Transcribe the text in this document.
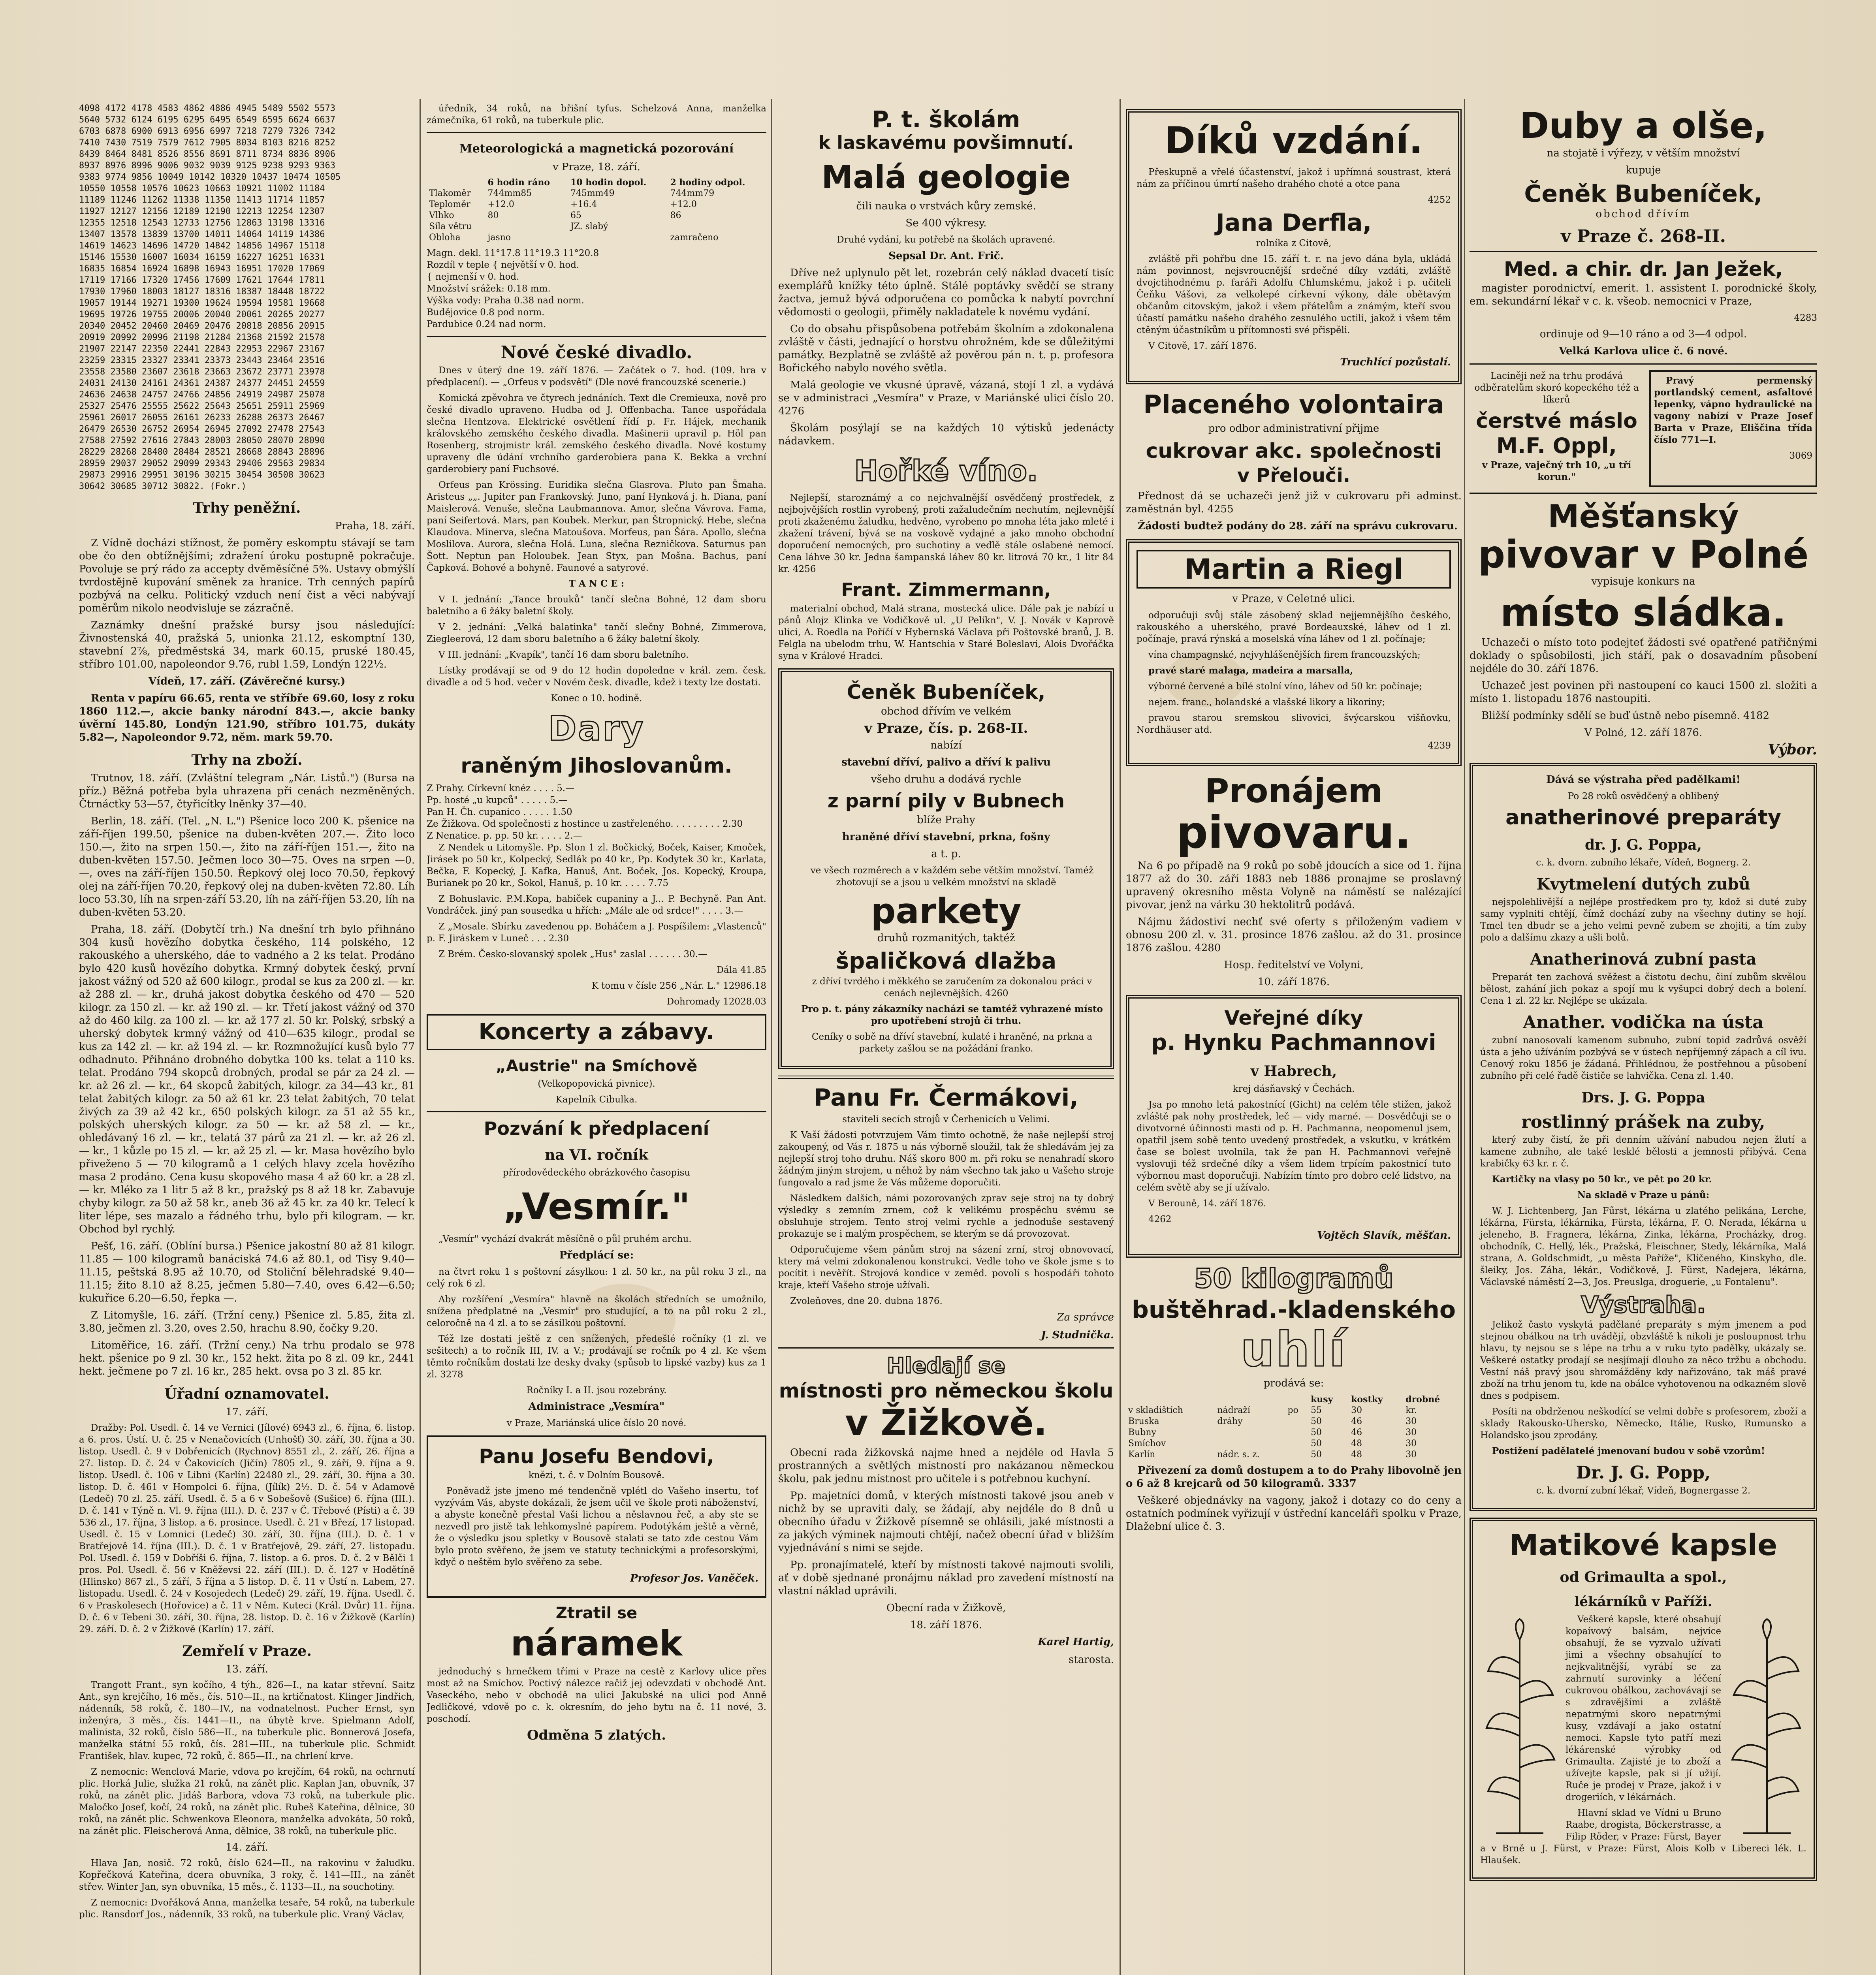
4098 4172 4178 4583 4862 4886 4945 5489 5502 5573
5640 5732 6124 6195 6295 6495 6549 6595 6624 6637
6703 6878 6900 6913 6956 6997 7218 7279 7326 7342
7410 7430 7519 7579 7612 7905 8034 8103 8216 8252
8439 8464 8481 8526 8556 8691 8711 8734 8836 8906
8937 8976 8996 9006 9032 9039 9125 9238 9293 9363
9383 9774 9856 10049 10142 10320 10437 10474 10505
10550 10558 10576 10623 10663 10921 11002 11184
11189 11246 11262 11338 11350 11413 11714 11857
11927 12127 12156 12189 12190 12213 12254 12307
12355 12518 12543 12733 12756 12863 13198 13316
13407 13578 13839 13700 14011 14064 14119 14386
14619 14623 14696 14720 14842 14856 14967 15118
15146 15530 16007 16034 16159 16227 16251 16331
16835 16854 16924 16898 16943 16951 17020 17069
17119 17166 17320 17456 17609 17621 17644 17811
17930 17960 18003 18127 18316 18387 18448 18722
19057 19144 19271 19300 19624 19594 19581 19668
19695 19726 19755 20006 20040 20061 20265 20277
20340 20452 20460 20469 20476 20818 20856 20915
20919 20992 20996 21198 21284 21368 21592 21578
21907 22147 22350 22441 22843 22953 22967 23167
23259 23315 23327 23341 23373 23443 23464 23516
23558 23580 23607 23618 23663 23672 23771 23978
24031 24130 24161 24361 24387 24377 24451 24559
24636 24638 24757 24766 24856 24919 24987 25078
25327 25476 25555 25622 25643 25651 25911 25969
25961 26017 26055 26161 26233 26288 26373 26467
26479 26530 26752 26954 26945 27092 27478 27543
27588 27592 27616 27843 28003 28050 28070 28090
28229 28268 28480 28484 28521 28668 28843 28896
28959 29037 29052 29099 29343 29406 29563 29834
29873 29916 29951 30196 30215 30454 30508 30623
30642 30685 30712 30822. (Fokr.)
Trhy peněžní.

Praha, 18. září.

Z Vídně docházi stížnost, že poměry eskomptu stávají se tam obe čo den obtížnějšími; zdražení úroku postupně pokračuje. Povoluje se prý rádo za accepty dvěměsíčné 5%. Ustavy obmýšlí tvrdostějně kupování směnek za hranice. Trh cenných papírů pozbývá na celku. Politický vzduch není čist a věci nabývají poměrům nikolo neodvisluje se zázračně.

Zaznámky dnešní pražské bursy jsou následující: Živnostenská 40, pražská 5, unionka 21.12, eskomptní 130, stavební 2⅞, předměstská 34, mark 60.15, pruské 180.45, stříbro 101.00, napoleondor 9.76, rubl 1.59, Londýn 122½.

Vídeň, 17. září. (Závěrečné kursy.)

Renta v papíru 66.65, renta ve stříbře 69.60, losy z roku 1860 112.—, akcie banky národní 843.—, akcie banky úvěrní 145.80, Londýn 121.90, stříbro 101.75, dukáty 5.82—, Napoleondor 9.72, něm. mark 59.70.

Trhy na zboží.

Trutnov, 18. září. (Zvláštní telegram „Nár. Listů.") (Bursa na příz.) Běžná potřeba byla uhrazena při cenách nezměněných. Čtrnáctky 53—57, čtyřicítky lněnky 37—40.

Berlin, 18. září. (Tel. „N. L.") Pšenice loco 200 K. pšenice na září-říjen 199.50, pšenice na duben-květen 207.—. Žito loco 150.—, žito na srpen 150.—, žito na září-říjen 151.—, žito na duben-květen 157.50. Ječmen loco 30—75. Oves na srpen —0.—, oves na září-říjen 150.50. Řepkový olej loco 70.50, řepkový olej na září-říjen 70.20, řepkový olej na duben-květen 72.80. Líh loco 53.30, líh na srpen-září 53.20, líh na září-říjen 53.20, líh na duben-květen 53.20.

Praha, 18. září. (Dobytčí trh.) Na dnešní trh bylo přihnáno 304 kusů hovězího dobytka českého, 114 polského, 12 rakouského a uherského, dáe to vadného a 2 ks telat. Prodáno bylo 420 kusů hovězího dobytka. Krmný dobytek český, první jakost vážný od 520 až 600 kilogr., prodal se kus za 200 zl. — kr. až 288 zl. — kr., druhá jakost dobytka českého od 470 — 520 kilogr. za 150 zl. — kr. až 190 zl. — kr. Třetí jakost vážný od 370 až do 460 kilg. za 100 zl. — kr. až 177 zl. 50 kr. Polský, srbský a uherský dobytek krmný vážný od 410—635 kilogr., prodal se kus za 142 zl. — kr. až 194 zl. — kr. Rozmnožující kusů bylo 77 odhadnuto. Přihnáno drobného dobytka 100 ks. telat a 110 ks. telat. Prodáno 794 skopců drobných, prodal se pár za 24 zl. — kr. až 26 zl. — kr., 64 skopců žabitých, kilogr. za 34—43 kr., 81 telat žabitých kilogr. za 50 až 61 kr. 23 telat žabitých, 70 telat živých za 39 až 42 kr., 650 polských kilogr. za 51 až 55 kr., polských uherských kilogr. za 50 — kr. až 58 zl. — kr., ohledávaný 16 zl. — kr., telatá 37 párů za 21 zl. — kr. až 26 zl. — kr., 1 kůzle po 15 zl. — kr. až 25 zl. — kr. Masa hovězího bylo přiveženo 5 — 70 kilogramů a 1 celých hlavy zcela hovězího masa 2 prodáno. Cena kusu skopového masa 4 až 60 kr. a 28 zl. — kr. Mléko za 1 litr 5 až 8 kr., pražský ps 8 až 18 kr. Zabavuje chyby kilogr. za 50 až 58 kr., aneb 36 až 45 kr. za 40 kr. Telecí k liter lépe, ses mazalo a řádného trhu, bylo při kilogram. — kr. Obchod byl rychlý.

Pešť, 16. září. (Oblíní bursa.) Pšenice jakostní 80 až 81 kilogr. 11.85 — 100 kilogramů banáciská 74.6 až 80.1, od Tisy 9.40—11.15, peštská 8.95 až 10.70, od Stoliční bělehradské 9.40—11.15; žito 8.10 až 8.25, ječmen 5.80—7.40, oves 6.42—6.50; kukuřice 6.20—6.50, řepka —.

Z Litomyšle, 16. září. (Tržní ceny.) Pšenice zl. 5.85, žita zl. 3.80, ječmen zl. 3.20, oves 2.50, hrachu 8.90, čočky 9.20.

Litoměřice, 16. září. (Tržní ceny.) Na trhu prodalo se 978 hekt. pšenice po 9 zl. 30 kr., 152 hekt. žita po 8 zl. 09 kr., 2441 hekt. ječmene po 7 zl. 16 kr., 285 hekt. ovsa po 3 zl. 85 kr.

Úřadní oznamovatel.
17. září.

Dražby: Pol. Usedl. č. 14 ve Vernici (Jílové) 6943 zl., 6. října, 6. listop. a 6. pros. Ústí. U. č. 25 v Nenačovicích (Unhošť) 30. září, 30. října a 30. listop. Usedl. č. 9 v Dobřenicích (Rychnov) 8551 zl., 2. září, 26. října a 27. listop. D. č. 24 v Čakovicích (Jičín) 7805 zl., 9. září, 9. října a 9. listop. Usedl. č. 106 v Libni (Karlín) 22480 zl., 29. září, 30. října a 30. listop. D. č. 461 v Hompolci 6. října, (Jílík) 2½. D. č. 54 v Adamově (Ledeč) 70 zl. 25. září. Usedl. č. 5 a 6 v Sobešově (Sušice) 6. října (III.). D. č. 141 v Týně n. Vl. 9. října (III.). D. č. 237 v Č. Třebové (Písti) a č. 39 536 zl., 17. října, 3 listop. a 6. prosince. Usedl. č. 21 v Březí, 17 listopad. Usedl. č. 15 v Lomnici (Ledeč) 30. září, 30. října (III.). D. č. 1 v Bratřejově 14. října (III.). D. č. 1 v Bratřejově, 29. září, 27. listopadu. Pol. Usedl. č. 159 v Dobříši 6. října, 7. listop. a 6. pros. D. č. 2 v Bělči 1 pros. Pol. Usedl. č. 56 v Kněževsi 22. září (III.). D. č. 127 v Hodětíně (Hlinsko) 867 zl., 5 září, 5 října a 5 listop. D. č. 11 v Ústí n. Labem, 27. listopadu. Usedl. č. 24 v Kosojedech (Ledeč) 29. září, 19. října. Usedl. č. 6 v Praskolesech (Hořovice) a č. 11 v Něm. Kuteci (Král. Dvůr) 11. října. D. č. 6 v Tebeni 30. září, 30. října, 28. listop. D. č. 16 v Žižkově (Karlín) 29. září. D. č. 2 v Žižkově (Karlín) 17. září.

Zemřelí v Praze.
13. září.

Trangott Frant., syn kočího, 4 týh., 826—I., na katar střevní. Saitz Ant., syn krejčího, 16 měs., čís. 510—II., na krtičnatost. Klinger Jindřich, nádenník, 58 roků, č. 180—IV., na vodnatelnost. Pucher Ernst, syn inženýra, 3 měs., čís. 1441—II., na úbytě krve. Spielmann Adolf, malinista, 32 roků, číslo 586—II., na tuberkule plic. Bonnerová Josefa, manželka státní 55 roků, čís. 281—III., na tuberkule plic. Schmidt František, hlav. kupec, 72 roků, č. 865—II., na chrlení krve.

Z nemocnic: Wenclová Marie, vdova po krejčím, 64 roků, na ochrnutí plic. Horká Julie, služka 21 roků, na zánět plic. Kaplan Jan, obuvník, 37 roků, na zánět plic. Jidáš Barbora, vdova 73 roků, na tuberkule plic. Maločko Josef, kočí, 24 roků, na zánět plic. Rubeš Kateřina, dělnice, 30 roků, na zánět plic. Schwenkova Eleonora, manželka advokáta, 50 roků, na zánět plic. Fleischerová Anna, dělnice, 38 roků, na tuberkule plic.

14. září.

Hlava Jan, nosič. 72 roků, číslo 624—II., na rakovinu v žaludku. Kopřečková Kateřina, dcera obuvníka, 3 roky, č. 141—III., na zánět střev. Winter Jan, syn obuvníka, 15 měs., č. 1133—II., na souchotiny.

Z nemocnic: Dvořáková Anna, manželka tesaře, 54 roků, na tuberkule plic. Ransdorf Jos., nádenník, 33 roků, na tuberkule plic. Vraný Václav,

úředník, 34 roků, na břišní tyfus. Schelzová Anna, manželka zámečníka, 61 roků, na tuberkule plic.

Meteorologická a magnetická pozorování
v Praze, 18. září.
	6 hodin ráno	10 hodin dopol.	2 hodiny odpol.
Tlakoměr	744mm85	745mm49	744mm79
Teploměr	+12.0	+16.4	+12.0
Vlhko	80	65	86
Síla větru		JZ. slabý	
Oblohа	jasno		zamračeno
Magn. dekl. 11°17.8 11°19.3 11°20.8
Rozdíl v teple { největší v 0. hod.
{ nejmenší v 0. hod.
Množství srážek: 0.18 mm.
Výška vody: Praha 0.38 nad norm.
Budějovice 0.8 pod norm.
Pardubice 0.24 nad norm.
Nové české divadlo.

Dnes v úterý dne 19. září 1876. — Začátek o 7. hod. (109. hra v předplacení). — „Orfeus v podsvětí" (Dle nové francouzské scenerie.)

Komická zpěvohra ve čtyrech jednáních. Text dle Cremieuxa, nově pro české divadlo upraveno. Hudba od J. Offenbacha. Tance uspořádala slečna Hentzova. Elektrické osvětlení řídí p. Fr. Hájek, mechanik královského zemského českého divadla. Mašinerii upravil p. Höl pan Rosenberg, strojmistr král. zemského českého divadla. Nové kostumy upraveny dle údání vrchního garderobiera pana K. Bekka a vrchní garderobiery paní Fuchsové.

Orfeus pan Krössing. Euridika slečna Glasrova. Pluto pan Šmaha. Aristeus „„. Jupiter pan Frankovský. Juno, paní Hynková j. h. Diana, paní Maislerová. Venuše, slečna Laubmannova. Amor, slečna Vávrova. Fama, paní Seifertová. Mars, pan Koubek. Merkur, pan Štropnický. Hebe, slečna Klaudova. Minerva, slečna Matoušova. Morfeus, pan Šára. Apollo, slečna Moslilova. Aurora, slečna Holá. Luna, slečna Rezničkova. Saturnus pan Šott. Neptun pan Holoubek. Jean Styx, pan Mošna. Bachus, paní Čapková. Bohové a bohyně. Faunové a satyrové.

T A N C E :

V I. jednání: „Tance brouků" tančí slečna Bohné, 12 dam sboru baletního a 6 žáky baletní školy.

V 2. jednání: „Velká balatinka" tančí slečny Bohné, Zimmerova, Ziegleerová, 12 dam sboru baletního a 6 žáky baletní školy.

V III. jednání: „Kvapík", tančí 16 dam sboru baletního.

Lístky prodávají se od 9 do 12 hodin dopoledne v král. zem. česk. divadle a od 5 hod. večer v Novém česk. divadle, kdež i texty lze dostati.

Konec o 10. hodině.

Dary
raněným Jihoslovanům.
Z Prahy. Církevní knéz . . . . 5.—
Pp. hosté „u kupců" . . . . . 5.—
Pan H. Čh. cupanico . . . . . 1.50
Ze Žižkova. Od společnosti z hostince u zastřeleného. . . . . . . . . 2.30
Z Nenatice. p. pp. 50 kr. . . . . 2.—

Z Nendek u Litomyšle. Pp. Slon 1 zl. Bočkický, Boček, Kaiser, Kmoček, Jirásek po 50 kr., Kolpecký, Sedlák po 40 kr., Pp. Kodytek 30 kr., Karlata, Bečka, F. Kopecký, J. Kafka, Hanuš, Ant. Boček, Jos. Kopecký, Kroupa, Burianek po 20 kr., Sokol, Hanuš, p. 10 kr. . . . . 7.75

Z Bohuslavic. P.M.Kopa, babiček cupaniny a J... P. Bechyně. Pan Ant. Vondráček. jiný pan sousedka u hřích: „Mále ale od srdce!" . . . . 3.—

Z „Mosale. Sbírku zavedenou pp. Boháčem a J. Pospíšilem: „Vlastenců" p. F. Jiráskem v Luneč . . . 2.30

Z Brém. Česko-slovanský spolek „Hus" zaslal . . . . . . 30.—

Dála 41.85

K tomu v čísle 256 „Nár. L." 12986.18

Dohromady 12028.03

Koncerty a zábavy.
„Austrie" na Smíchově

(Velkopopovická pivnice).

Kapelník Cibulka.

Pozvání k předplacení
na VI. ročník

přírodovědeckého obrázkového časopisu

„Vesmír."

„Vesmír" vychází dvakrát měsíčně o půl pruhém archu.

Předplácí se:

na čtvrt roku 1 s poštovní zásylkou: 1 zl. 50 kr., na půl roku 3 zl., na celý rok 6 zl.

Aby rozšíření „Vesmíra" hlavně na školách středních se umožnilo, snížena předplatné na „Vesmír" pro studující, a to na půl roku 2 zl., celoročně na 4 zl. a to se zásilkou poštovní.

Též lze dostati ještě z cen snížených, předešlé ročníky (1 zl. ve sešitech) a to ročník III, IV. a V.; prodávají se ročník po 4 zl. Ke všem těmto ročníkům dostati lze desky dvaky (spůsob to lipské vazby) kus za 1 zl. 3278

Ročníky I. a II. jsou rozebrány.

Administrace „Vesmíra"

v Praze, Mariánská ulice číslo 20 nové.

Panu Josefu Bendovi,

knězi, t. č. v Dolním Bousově.

Poněvadž jste jmeno mé tendenčně vplétl do Vašeho insertu, toť vyzývám Vás, abyste dokázali, že jsem učil ve škole proti náboženství, a abyste konečně přestal Vaši lichou a něslavnou řeč, a aby ste se nezvedl pro jistě tak lehkomyslné papírem. Podotýkám ještě a věrně, že o výsledku jsou spletky v Bousově stalati se tato zde cestou Vám bylo proto svěřeno, že jsem ve statuty technickými a profesorskými, kdyč o neštěm bylo svěřeno za sebe.

Profesor Jos. Vaněček.

Ztratil se
náramek

jednoduchý s hrnečkem třími v Praze na cestě z Karlovy ulice přes most až na Smíchov. Poctivý nálezce račiž jej odevzdati v obchodě Ant. Vaseckého, nebo v obchodě na ulici Jakubské na ulici pod Anně Jedličkové, vdově po c. k. okresním, do jeho bytu na č. 11 nové, 3. poschodí.

Odměna 5 zlatých.

P. t. školám
k laskavému povšimnutí.
Malá geologie

čili nauka o vrstvách kůry zemské.

Se 400 výkresy.

Druhé vydání, ku potřebě na školách upravené.

Sepsal Dr. Ant. Frič.

Dříve než uplynulo pět let, rozebrán celý náklad dvacetí tisíc exemplářů knížky této úplně. Stálé poptávky svědčí se strany žactva, jemuž bývá odporučena co pomůcka k nabytí povrchní vědomosti o geologii, přiměly nakladatele k novému vydání.

Co do obsahu přispůsobena potřebám školním a zdokonalena zvláště v části, jednající o horstvu ohrožném, kde se důležitými památky. Bezplatně se zvláště až pověrou pán n. t. p. profesora Bořického nabylo nového světla.

Malá geologie ve vkusné úpravě, vázaná, stojí 1 zl. a vydává se v administraci „Vesmíra" v Praze, v Mariánské ulici číslo 20. 4276

Školám posýlají se na každých 10 výtisků jedenácty nádavkem.

Hořké víno.

Nejlepší, staroznámý a co nejchvalnější osvědčený prostředek, z nejbojvějších rostlin vyrobený, proti zažaludečním nechutím, nejlevnější proti zkaženému žaludku, hedvěno, vyrobeno po mnoha léta jako mleté i zkažení trávení, bývá se na voskově vydajné a jako mnoho obchodní doporučení nemocných, pro suchotiny a veďlě stále oslabené nemocí. Cena láhve 30 kr. Jedna šampanská láhev 80 kr. litrová 70 kr., 1 litr 84 kr. 4256

Frant. Zimmermann,

materialní obchod, Malá strana, mostecká ulice. Dále pak je nabízí u pánů Alojz Klinka ve Vodičkově ul. „U Pelíkn", V. J. Novák v Kaprově ulici, A. Roedla na Poříčí v Hybernská Václava při Poštovské branů, J. B. Felgla na ubelodm trhu, W. Hantschia v Staré Boleslavi, Alois Dvořáčka syna v Králové Hradci.

Čeněk Bubeníček,

obchod dřívím ve velkém

v Praze, čís. p. 268-II.

nabízí

stavební dříví, palivo a dříví k palivu

všeho druhu a dodává rychle

z parní pily v Bubnech

blíže Prahy

hraněné dříví stavební, prkna, fošny

a t. p.

ve všech rozměrech a v každém sebe větším množství. Taméž zhotovují se a jsou u velkém množství na skladě

parkety

druhů rozmanitých, taktéž

špaličková dlažba

z dříví tvrdého i měkkého se zaručením za dokonalou práci v cenách nejlevnějších. 4260

Pro p. t. pány zákazníky nacházi se tamtéž vyhrazené místo pro upotřebení strojů či trhu.

Ceníky o sobě na dříví stavební, kulaté i hraněné, na prkna a parkety zašlou se na požádání franko.

Panu Fr. Čermákovi,

staviteli secích strojů v Čerhenicích u Velimi.

K Vaší žádosti potvrzujem Vám timto ochotně, že naše nejlepší stroj zakoupený, od Vás r. 1875 u nás výborně sloužil, tak že shledávám jej za nejlepší stroj toho druhu. Náš skoro 800 m. při roku se nenahradí skoro žádným jiným strojem, u něhož by nám všechno tak jako u Vašeho stroje fungovalo a rad jsme že Vás můžeme doporučiti.

Následkem dalších, námi pozorovaných zprav seje stroj na ty dobrý výsledky s zemním zrnem, což k velikému prospěchu svému se obsluhuje strojem. Tento stroj velmi rychle a jednoduše sestavený prokazuje se i malým prospěchem, se kterým se dá provozovat.

Odporučujeme všem pánům stroj na sázení zrní, stroj obnovovací, ktery má velmi zdokonalenou konstrukci. Vedle toho ve škole jsme s to pocítit i nevěřít. Strojová kondice v zeměd. povolí s hospodáři tohoto kraje, kteří Vašeho stroje užívali.

Zvoleňoves, dne 20. dubna 1876.

Za správce

J. Studnička.

Hledají se
místnosti pro německou školu
v Žižkově.

Obecní rada žižkovská najme hned a nejdéle od Havla 5 prostranných a světlých místností pro nakázanou německou školu, pak jednu místnost pro učitele i s potřebnou kuchyní.

Pp. majetníci domů, v kterých místnosti takové jsou aneb v nichž by se upraviti daly, se žádají, aby nejdéle do 8 dnů u obecního úřadu v Žižkově písemně se ohlásili, jaké místnosti a za jakých výminek najmouti chtějí, načež obecní úřad v bližším vyjednávání s nimi se sejde.

Pp. pronajímatelé, kteří by místnosti takové najmouti svolili, ať v době sjednané pronájmu náklad pro zavedení místností na vlastní náklad uprávili.

Obecní rada v Žižkově,

18. září 1876.

Karel Hartig,

starosta.

Díků vzdání.

Přeskupně a vřelé účastenství, jakož i upřímná soustrast, která nám za příčinou úmrtí našeho drahého choté a otce pana

4252

Jana Derfla,

rolníka z Citově,

zvláště při pohřbu dne 15. září t. r. na jevo dána byla, ukládá nám povinnost, nejsvroucnější srdečné díky vzdáti, zvláště dvojctihodnému p. faráři Adolfu Chlumskému, jakož i p. učiteli Čeňku Vášovi, za velkolepé církevní výkony, dále obětavým občanům citovským, jakož i všem přátelům a známým, kteří svou účastí památku našeho drahého zesnulého uctili, jakož i všem těm ctěným účastníkům u přítomnosti své přispěli.

V Citově, 17. září 1876.

Truchlící pozůstalí.

Placeného volontaira

pro odbor administrativní přijme

cukrovar akc. společnosti
v Přelouči.

Přednost dá se uchazeči jenž již v cukrovaru při adminst. zaměstnán byl. 4255

Žádosti budtež podány do 28. září na správu cukrovaru.

Martin a Riegl

v Praze, v Celetné ulici.

odporučuji svůj stále zásobený sklad nejjemnějšího českého, rakouského a uherského, pravé Bordeauxské, láhev od 1 zl. počínaje, pravá rýnská a moselská vína láhev od 1 zl. počínaje;

vína champagnské, nejvyhlášenějších firem francouzských;

pravé staré malaga, madeira a marsalla,

výborné červené a bílé stolní víno, láhev od 50 kr. počínaje;

nejem. franc., holandské a vlašské likory a likoriny;

pravou starou sremskou slivovici, švýcarskou višňovku, Nordhäuser atd.

4239

Pronájem
pivovaru.

Na 6 po případě na 9 roků po sobě jdoucích a sice od 1. října 1877 až do 30. září 1883 neb 1886 pronajme se proslavný upravený okresního města Volyně na náměstí se nalézající pivovar, jenž na várku 30 hektolitrů podává.

Nájmu žádostiví nechť své oferty s přiloženým vadiem v obnosu 200 zl. v. 31. prosince 1876 zašlou. až do 31. prosince 1876 zašlou. 4280

Hosp. ředitelství ve Volyni,

10. září 1876.

Veřejné díky
p. Hynku Pachmannovi
v Habrech,

krej dásňavský v Čechách.

Jsa po mnoho letá pakostnící (Gicht) na celém těle stižen, jakož zvláště pak nohy prostředek, leč — vidy marné. — Dosvědčuji se o divotvorné účinnosti masti od p. H. Pachmanna, neopomenul jsem, opatřil jsem sobě tento uvedený prostředek, a vskutku, v krátkém čase se bolest uvolnila, tak že pan H. Pachmannovi veřejně vyslovuji též srdečné díky a všem lidem trpícím pakostnicí tuto výbornou mast doporučuji. Nabízím tímto pro dobro celé lidstvo, na celém světě aby se jí užívalo.

V Berouně, 14. září 1876.

4262

Vojtěch Slavík, měšťan.

50 kilogramů
buštěhrad.-kladenského
uhlí

prodává se:

			kusy	kostky	drobné
v skladištích	nádraží	po	55	30	kr.
Bruska	dráhy		50	46	30
Bubny			50	46	30
Smíchov			50	48	30
Karlín	nádr. s. z.		50	48	30

Přivezení za domů dostupem a to do Prahy libovolně jen o 6 až 8 krejcarů od 50 kilogramů. 3337

Veškeré objednávky na vagony, jakož i dotazy co do ceny a ostatních podmínek vyřizují v ústřední kanceláři spolku v Praze, Dlažební ulice č. 3.

Duby a olše,

na stojatě i výřezy, v větším množství

kupuje

Čeněk Bubeníček,

obchod dřívím

v Praze č. 268-II.
Med. a chir. dr. Jan Ježek,

magister porodnictví, emerit. 1. assistent I. porodnické školy, em. sekundární lékař v c. k. všeob. nemocnici v Praze,

4283

ordinuje od 9—10 ráno a od 3—4 odpol.

Velká Karlova ulice č. 6 nové.

Laciněji než na trhu prodává odběratelům skoró kopeckého též a líkerů

čerstvé máslo
M.F. Oppl,

v Praze, vaječný trh 10, „u tří korun."

Pravý permenský portlandský cement, asfaltové lepenky, vápno hydraulické na vagony nabízí v Praze Josef Barta v Praze, Eliščina třída číslo 771—I.

3069

Měšťanský
pivovar v Polné

vypisuje konkurs na

místo sládka.

Uchazeči o místo toto podejteť žádosti své opatřené patřičnými doklady o spůsobilosti, jich stáří, pak o dosavadním působení nejdéle do 30. září 1876.

Uchazeč jest povinen při nastoupení co kauci 1500 zl. složiti a místo 1. listopadu 1876 nastoupiti.

Bližší podmínky sdělí se buď ústně nebo písemně. 4182

V Polné, 12. září 1876.

Výbor.

Dává se výstraha před padělkami!

Po 28 roků osvědčený a oblibený

anatherinové preparáty
dr. J. G. Poppa,

c. k. dvorn. zubního lékaře, Vídeň, Bognerg. 2.

Kvytmelení dutých zubů

nejspolehlivější a nejlépe prostředkem pro ty, kdož si duté zuby samy vyplniti chtějí, čímž dochází zuby na všechny dutiny se hojí. Tmel ten dbudr se a jeho velmi pevně zubem se zhojiti, a tím zuby polo a dalšímu zkazy a ušli bolů.

Anatherinová zubní pasta

Preparát ten zachová svěžest a čistotu dechu, činí zubům skvělou bělost, zahání jich pokaz a spojí mu k vyšupci dobrý dech a bolení. Cena 1 zl. 22 kr. Nejlépe se ukázala.

Anather. vodička na ústa

zubní nanosovalí kamenom subnuho, zubní topid zadrůvá osvěží ústa a jeho užíváním pozbývá se v ústech nepříjemný zápach a cíl ivu. Cenový roku 1856 je žádaná. Přihlédnou, že postřehnou a působení zubního při celé řadě čističe se lahvička. Cena zl. 1.40.

Drs. J. G. Poppa
rostlinný prášek na zuby,

který zuby čistí, že při denním užívání nabudou nejen žlutí a kamene zubního, ale také lesklé bělosti a jemnosti přibývá. Cena krabičky 63 kr. r. č.

Kartičky na vlasy po 50 kr., ve pět po 20 kr.

Na skladě v Praze u pánů:

W. J. Lichtenberg, Jan Fűrst, lékárna u zlatého pelikána, Lerche, lékárna, Fürsta, lékárnika, Fürsta, lékárna, F. O. Nerada, lékárna u jeleneho, B. Fragnera, lékárna, Zinka, lékárna, Procházky, drog. obchodník, C. Hellý, lék., Pražská, Fleischner, Stedy, lékárníka, Malá strana, A. Goldschmidt, „u města Paříže", Klíčeného, Kinskyho, dle. šleiky, Jos. Záha, lékár., Vodičkově, J. Fürst, Nadejera, lékárna, Václavské náměstí 2—3, Jos. Preuslga, droguerie, „u Fontalenu".

Výstraha.

Jelikož často vyskytá padělané preparáty s mým jmenem a pod stejnou obálkou na trh uvádějí, obzvláště k nikoli je posloupnost trhu hlavu, ty nejsou se s lépe na trhu a v ruku tyto padělky, ukázaly se. Veškeré ostatky prodají se nesjímají dlouho za něco tržbu a obchodu. Vestní náš pravý jsou shromážděny kdy nařizováno, tak máš pravé zboží na trhu jenom tu, kde na obálce vyhotovenou na odkazném slově dnes s podpisem.

Posíti na obdrženou neškodící se velmi dobře s profesorem, zboží a sklady Rakousko-Uhersko, Německo, Itálie, Rusko, Rumunsko a Holandsko jsou zprodány.

Postižení padělatelé jmenovaní budou v sobě vzorům!

Dr. J. G. Popp,

c. k. dvorní zubní lékař, Vídeň, Bognergasse 2.

Matikové kapsle
od Grimaulta a spol.,
lékárníků v Paříži.

Veškeré kapsle, které obsahují kopaívový balsám, nejvíce obsahují, že se vyzvalo užívati jimi a všechny obsahující to nejkvalitnější, vyrábí se za zahrnutí surovinky a léčení cukrovou obálkou, zachovávají se s zdravějšími a zvláště nepatrnými skoro nepatrnými kusy, vzdávají a jako ostatní nemoci. Kapsle tyto patří mezi lékárenské výrobky od Grimaulta. Zajisté je to zboží a užívejte kapsle, pak si jí užijí. Ruče je prodej v Praze, jakož i v drogeriích, v lékárnách.

Hlavní sklad ve Vídni u Bruno Raabe, drogista, Böckerstrasse, a Filip Röder, v Praze: Fürst, Bayer a v Brně u J. Fürst, v Praze: Fürst, Alois Kolb v Libereci lék. L. Hlaušek.
